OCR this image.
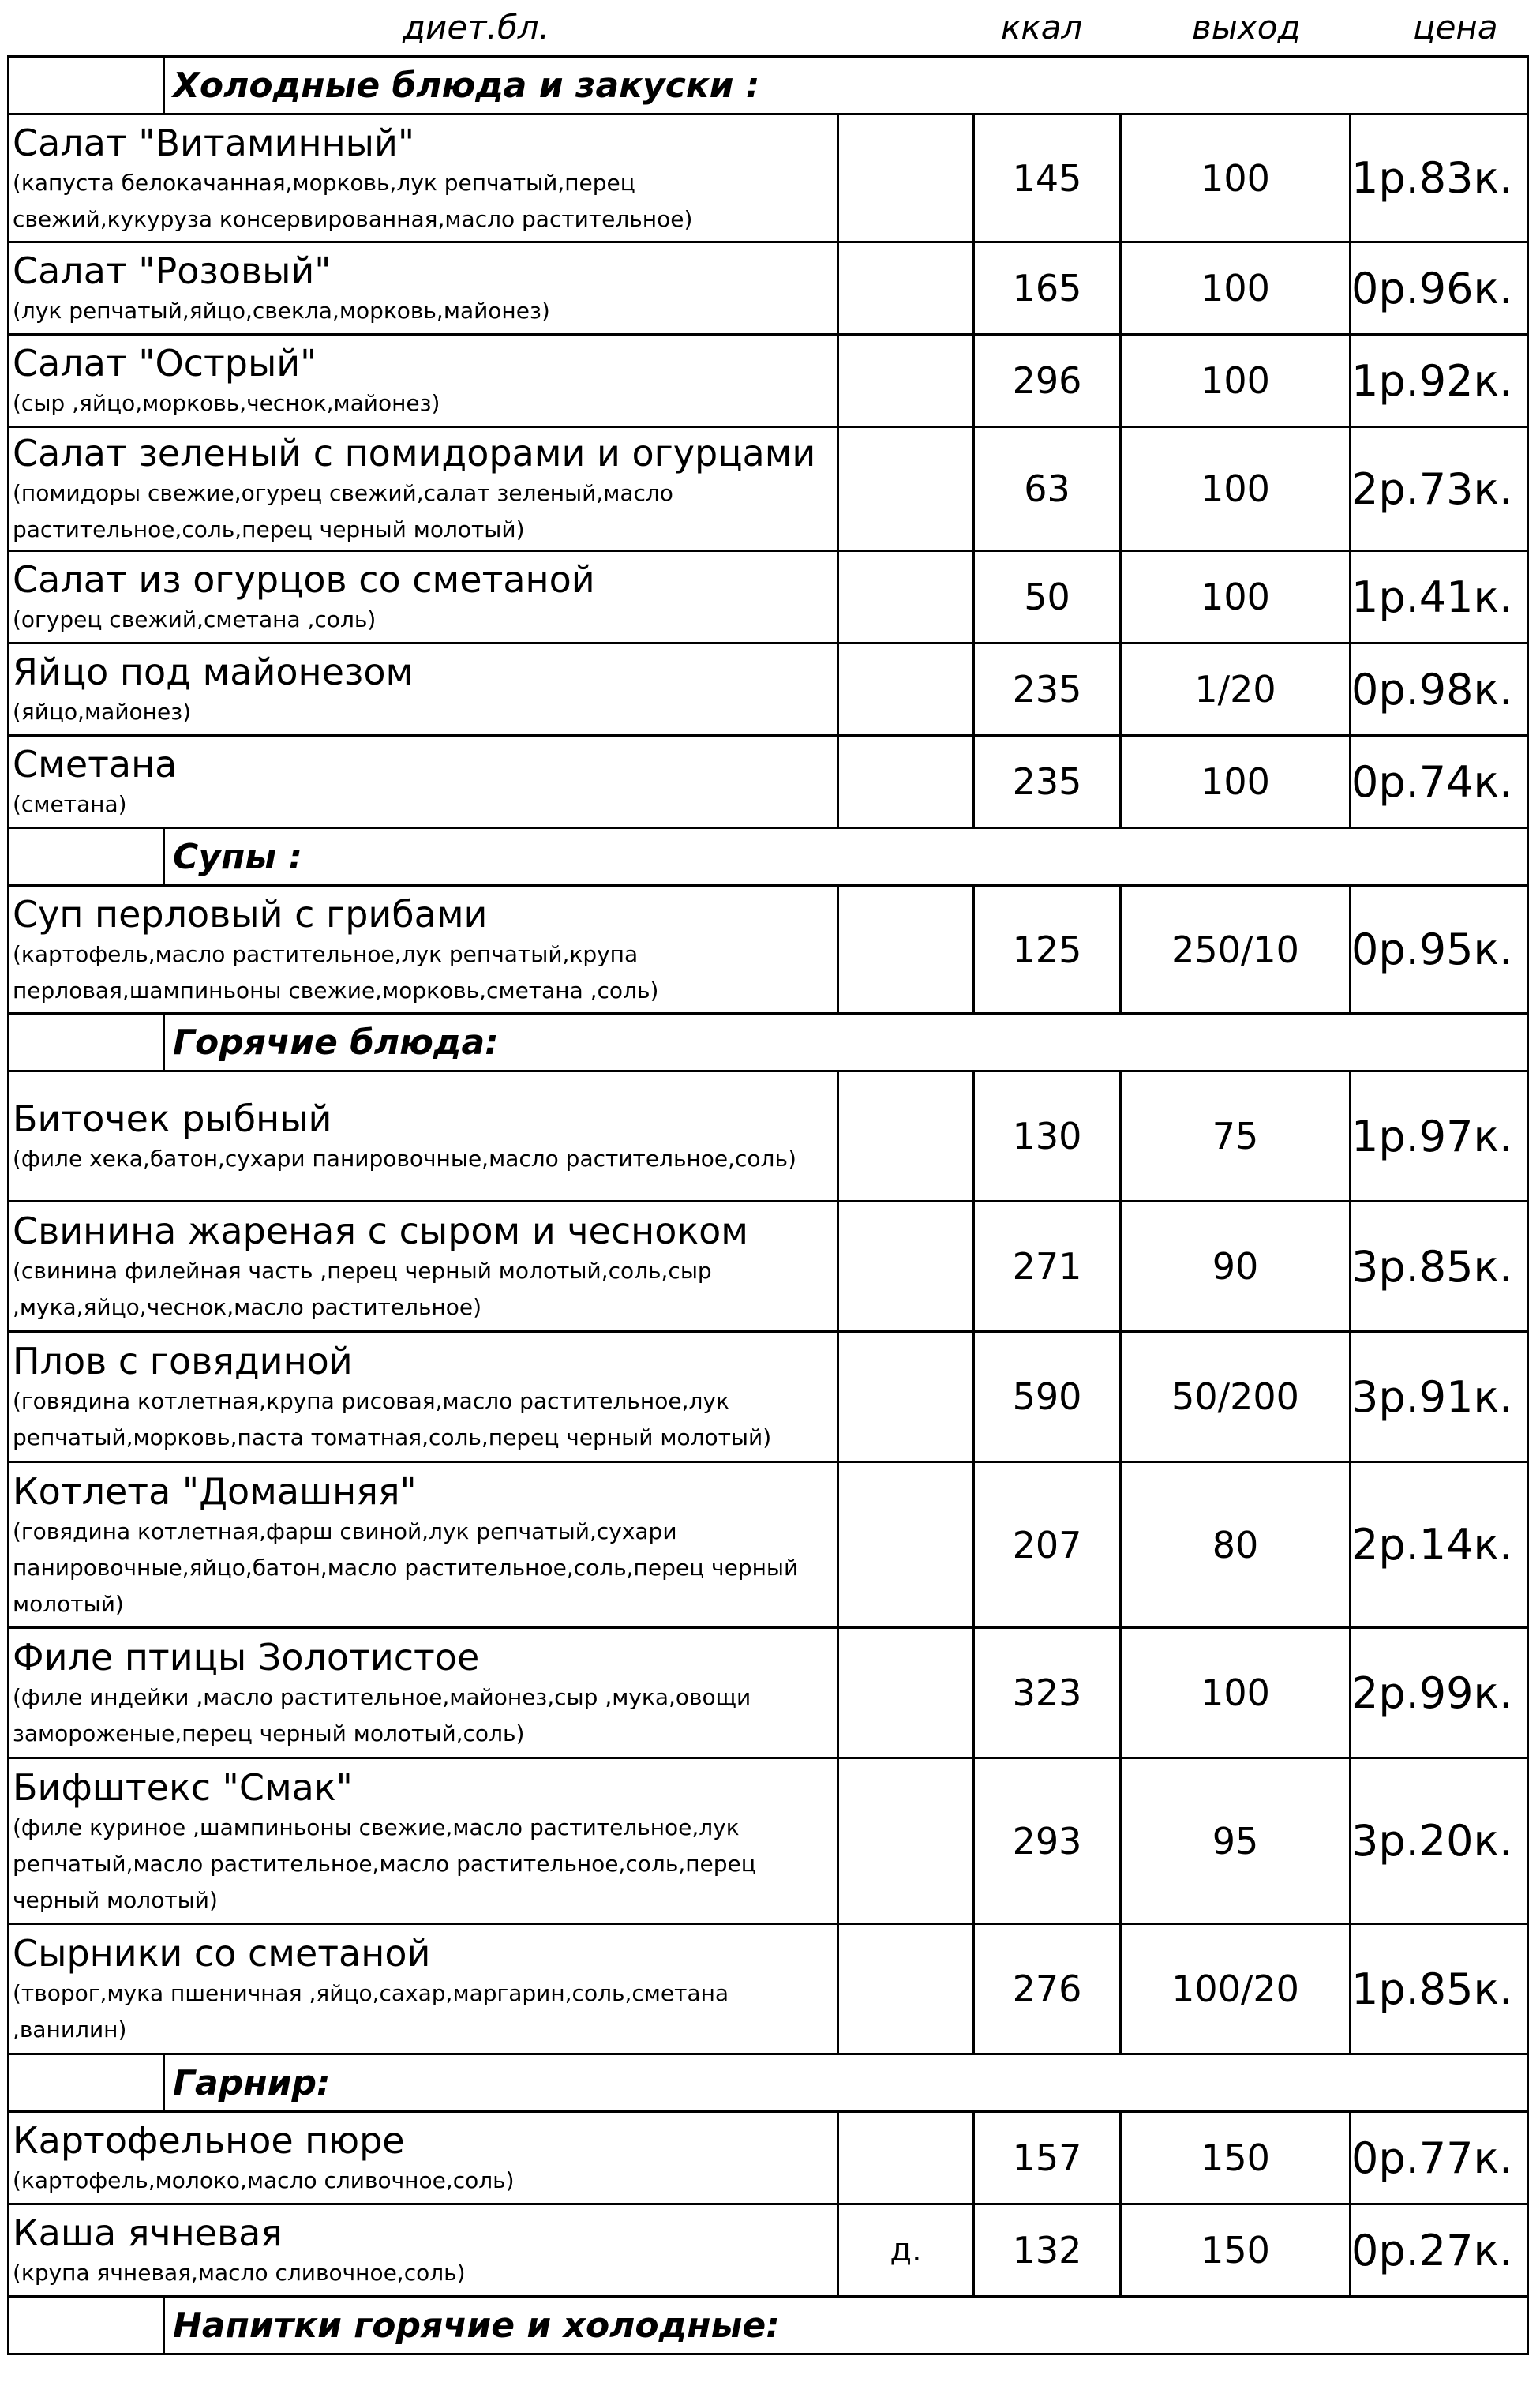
диет.бл.	ккал	выход	цена
	Холодные блюда и закуски :				

Салат "Витаминный"
(капуста белокачанная,морковь,лук репчатый,перец свежий,кукуруза консервированная,масло растительное)			145	100	1р.83к.

Салат "Розовый"
(лук репчатый,яйцо,свекла,морковь,майонез)			165	100	0р.96к.

Салат "Острый"
(сыр ,яйцо,морковь,чеснок,майонез)			296	100	1р.92к.

Салат зеленый с помидорами и огурцами
(помидоры свежие,огурец свежий,салат зеленый,масло растительное,соль,перец черный молотый)			63	100	2р.73к.

Салат из огурцов со сметаной
(огурец свежий,сметана ,соль)			50	100	1р.41к.

Яйцо под майонезом
(яйцо,майонез)			235	1/20	0р.98к.

Сметана
(сметана)			235	100	0р.74к.
	Супы :				

Суп перловый с грибами
(картофель,масло растительное,лук репчатый,крупа перловая,шампиньоны свежие,морковь,сметана ,соль)			125	250/10	0р.95к.
	Горячие блюда:				

Биточек рыбный
(филе хека,батон,сухари панировочные,масло растительное,соль)			130	75	1р.97к.

Свинина жареная с сыром и чесноком
(свинина филейная часть ,перец черный молотый,соль,сыр ,мука,яйцо,чеснок,масло растительное)			271	90	3р.85к.

Плов с говядиной
(говядина котлетная,крупа рисовая,масло растительное,лук репчатый,морковь,паста томатная,соль,перец черный молотый)			590	50/200	3р.91к.

Котлета "Домашняя"
(говядина котлетная,фарш свиной,лук репчатый,сухари панировочные,яйцо,батон,масло растительное,соль,перец черный молотый)			207	80	2р.14к.

Филе птицы Золотистое
(филе индейки ,масло растительное,майонез,сыр ,мука,овощи замороженые,перец черный молотый,соль)			323	100	2р.99к.

Бифштекс "Смак"
(филе куриное ,шампиньоны свежие,масло растительное,лук репчатый,масло растительное,масло растительное,соль,перец черный молотый)			293	95	3р.20к.

Сырники со сметаной
(творог,мука пшеничная ,яйцо,сахар,маргарин,соль,сметана ,ванилин)			276	100/20	1р.85к.
	Гарнир:				

Картофельное пюре
(картофель,молоко,масло сливочное,соль)			157	150	0р.77к.

Каша ячневая
(крупа ячневая,масло сливочное,соль)		д.	132	150	0р.27к.
	Напитки горячие и холодные:				
